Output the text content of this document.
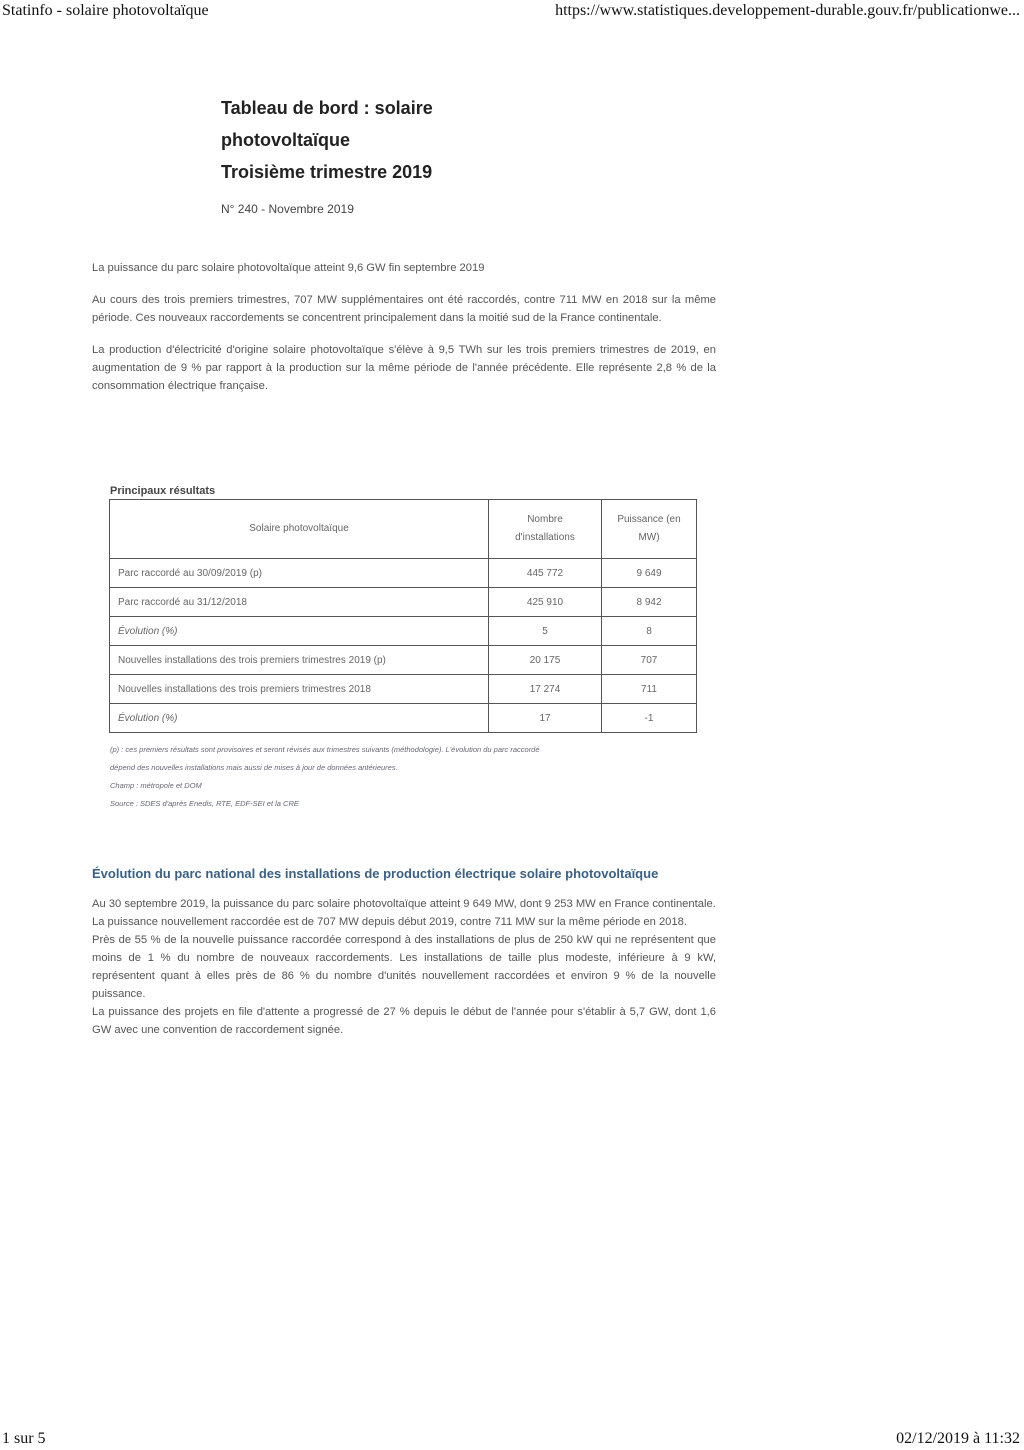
Statinfo - solaire photovoltaïque	https://www.statistiques.developpement-durable.gouv.fr/publicationwe...
Tableau de bord : solaire
photovoltaïque
Troisième trimestre 2019
N° 240 - Novembre 2019

La puissance du parc solaire photovoltaïque atteint 9,6 GW fin septembre 2019

Au cours des trois premiers trimestres, 707 MW supplémentaires ont été raccordés, contre 711 MW en 2018 sur la même période. Ces nouveaux raccordements se concentrent principalement dans la moitié sud de la France continentale.

La production d'électricité d'origine solaire photovoltaïque s'élève à 9,5 TWh sur les trois premiers trimestres de 2019, en augmentation de 9 % par rapport à la production sur la même période de l'année précédente. Elle représente 2,8 % de la consommation électrique française.

Principaux résultats
Solaire photovoltaïque	Nombre d'installations	Puissance (en MW)
Parc raccordé au 30/09/2019 (p)	445 772	9 649
Parc raccordé au 31/12/2018	425 910	8 942
Évolution (%)	5	8
Nouvelles installations des trois premiers trimestres 2019 (p)	20 175	707
Nouvelles installations des trois premiers trimestres 2018	17 274	711
Évolution (%)	17	-1
(p) : ces premiers résultats sont provisoires et seront révisés aux trimestres suivants (méthodologie). L'évolution du parc raccordé
dépend des nouvelles installations mais aussi de mises à jour de données antérieures.
Champ : métropole et DOM
Source : SDES d'après Enedis, RTE, EDF-SEI et la CRE
Évolution du parc national des installations de production électrique solaire photovoltaïque

Au 30 septembre 2019, la puissance du parc solaire photovoltaïque atteint 9 649 MW, dont 9 253 MW en France continentale.

La puissance nouvellement raccordée est de 707 MW depuis début 2019, contre 711 MW sur la même période en 2018.

Près de 55 % de la nouvelle puissance raccordée correspond à des installations de plus de 250 kW qui ne représentent que moins de 1 % du nombre de nouveaux raccordements. Les installations de taille plus modeste, inférieure à 9 kW, représentent quant à elles près de 86 % du nombre d'unités nouvellement raccordées et environ 9 % de la nouvelle puissance.

La puissance des projets en file d'attente a progressé de 27 % depuis le début de l'année pour s'établir à 5,7 GW, dont 1,6 GW avec une convention de raccordement signée.

1 sur 5	02/12/2019 à 11:32
